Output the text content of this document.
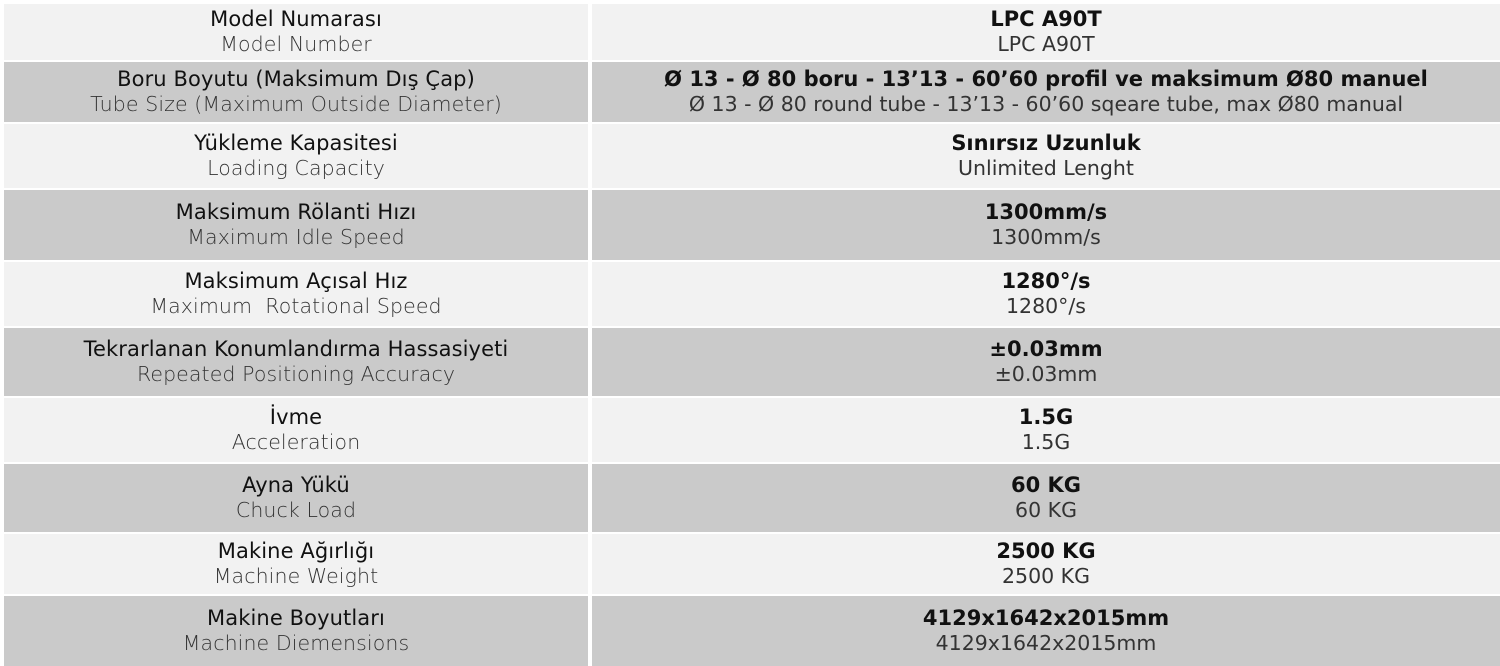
Model Numarası
Model Number
LPC A90T
LPC A90T
Boru Boyutu (Maksimum Dış Çap)
Tube Size (Maximum Outside Diameter)
Ø 13 - Ø 80 boru - 13’13 - 60’60 profil ve maksimum Ø80 manuel
Ø 13 - Ø 80 round tube - 13’13 - 60’60 sqeare tube, max Ø80 manual
Yükleme Kapasitesi
Loading Capacity
Sınırsız Uzunluk
Unlimited Lenght
Maksimum Rölanti Hızı
Maximum Idle Speed
1300mm/s
1300mm/s
Maksimum Açısal Hız
Maximum  Rotational Speed
1280°/s
1280°/s
Tekrarlanan Konumlandırma Hassasiyeti
Repeated Positioning Accuracy
±0.03mm
±0.03mm
İvme
Acceleration
1.5G
1.5G
Ayna Yükü
Chuck Load
60 KG
60 KG
Makine Ağırlığı
Machine Weight
2500 KG
2500 KG
Makine Boyutları
Machine Diemensions
4129x1642x2015mm
4129x1642x2015mm
